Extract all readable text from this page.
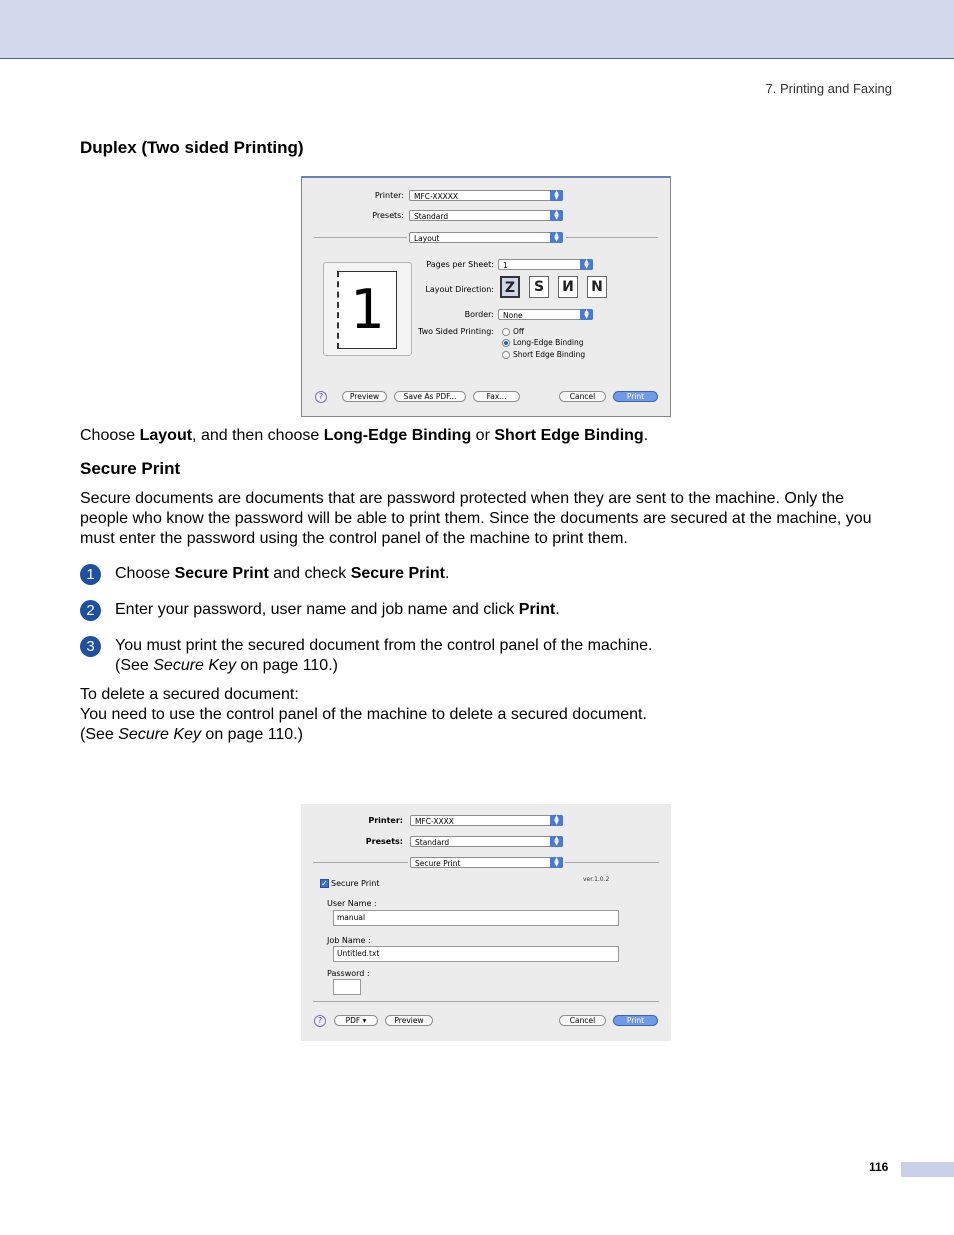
7. Printing and Faxing
Duplex (Two sided Printing)
Printer:	MFC-XXXXX	▲
▼
Presets:	Standard	▲
▼
Layout	▲
▼
1
Pages per Sheet:	1	▲
▼
Layout Direction: Z	S	И N
Border:	None	▲
▼
Two Sided Printing:	Off
Long-Edge Binding
Short Edge Binding
?	Preview	Save As PDF...	Fax...	Cancel	Print

Choose Layout, and then choose Long-Edge Binding or Short Edge Binding.

Secure Print

Secure documents are documents that are password protected when they are sent to the machine. Only the people who know the password will be able to print them. Since the documents are secured at the machine, you must enter the password using the control panel of the machine to print them.

1	Choose Secure Print and check Secure Print.
2	Enter your password, user name and job name and click Print.
3	You must print the secured document from the control panel of the machine.
(See Secure Key on page 110.)

To delete a secured document:
You need to use the control panel of the machine to delete a secured document.
(See Secure Key on page 110.)

Printer:	MFC-XXXX	▲
▼
Presets:	Standard	▲
▼
Secure Print	▲
▼
ver.1.0.2
✓ Secure Print
User Name :
manual
Job Name :
Untitled.txt
Password :
?	PDF ▾	Preview	Cancel	Print
116
